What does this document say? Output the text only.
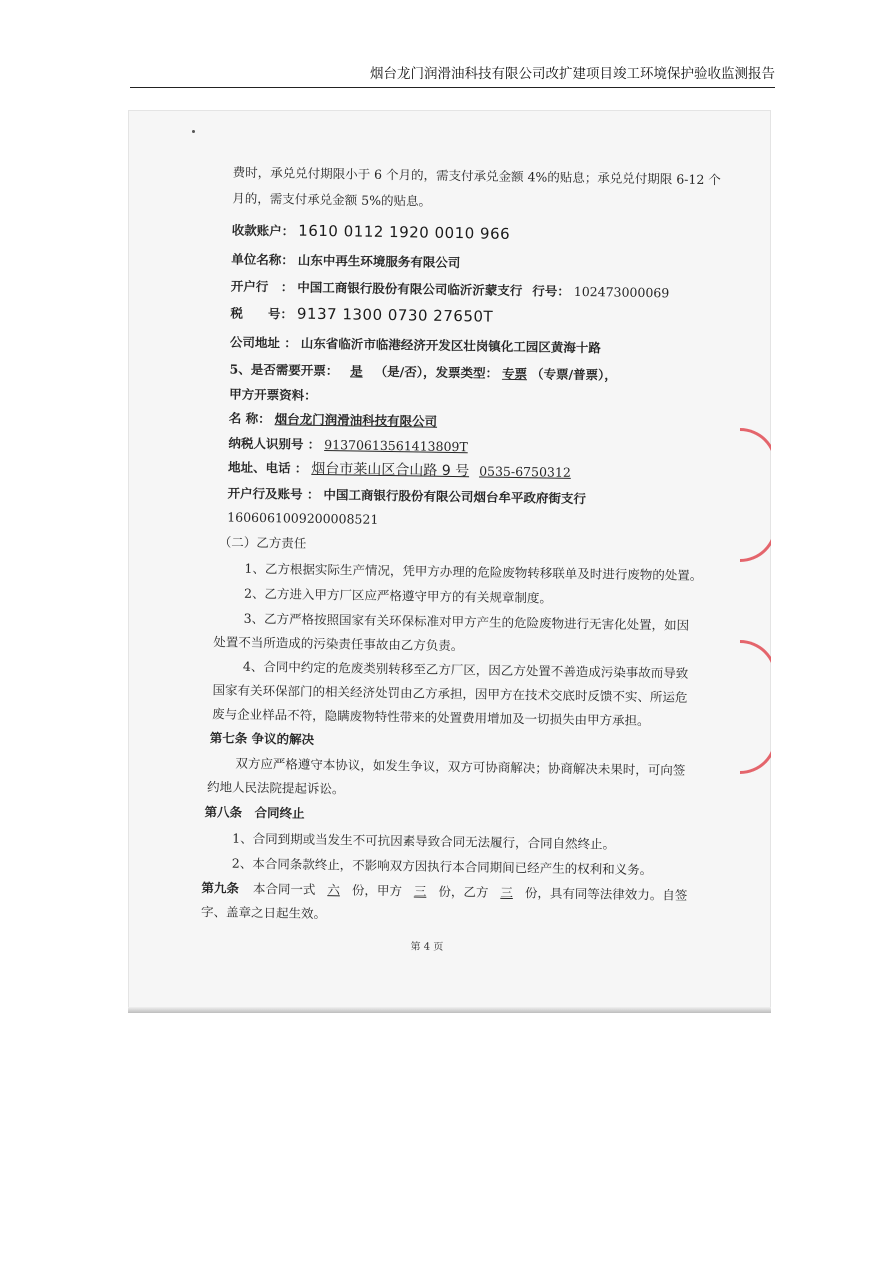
烟台龙门润滑油科技有限公司改扩建项目竣工环境保护验收监测报告
费时，承兑兑付期限小于 6 个月的，需支付承兑金额 4%的贴息；承兑兑付期限 6-12 个
月的，需支付承兑金额 5%的贴息。
收款账户： 1610 0112 1920 0010 966
单位名称： 山东中再生环境服务有限公司
开户行　： 中国工商银行股份有限公司临沂沂蒙支行 行号： 102473000069
税　　号： 9137 1300 0730 27650T
公司地址 ： 山东省临沂市临港经济开发区壮岗镇化工园区黄海十路
5、是否需要开票： 是 （是/否），发票类型： 专票 （专票/普票），
甲方开票资料：
名 称： 烟台龙门润滑油科技有限公司
纳税人识别号 ： 91370613561413809T
地址、电话 ： 烟台市莱山区合山路 9 号 0535-6750312
开户行及账号 ： 中国工商银行股份有限公司烟台牟平政府街支行
1606061009200008521
（二）乙方责任
1、乙方根据实际生产情况，凭甲方办理的危险废物转移联单及时进行废物的处置。
2、乙方进入甲方厂区应严格遵守甲方的有关规章制度。
3、乙方严格按照国家有关环保标准对甲方产生的危险废物进行无害化处置，如因
处置不当所造成的污染责任事故由乙方负责。
4、合同中约定的危废类别转移至乙方厂区，因乙方处置不善造成污染事故而导致
国家有关环保部门的相关经济处罚由乙方承担，因甲方在技术交底时反馈不实、所运危
废与企业样品不符，隐瞒废物特性带来的处置费用增加及一切损失由甲方承担。
第七条 争议的解决
双方应严格遵守本协议，如发生争议，双方可协商解决；协商解决未果时，可向签
约地人民法院提起诉讼。
第八条　合同终止
1、合同到期或当发生不可抗因素导致合同无法履行，合同自然终止。
2、本合同条款终止，不影响双方因执行本合同期间已经产生的权利和义务。
第九条 本合同一式 六 份，甲方 三 份，乙方 三 份，具有同等法律效力。自签
字、盖章之日起生效。
第 4 页
